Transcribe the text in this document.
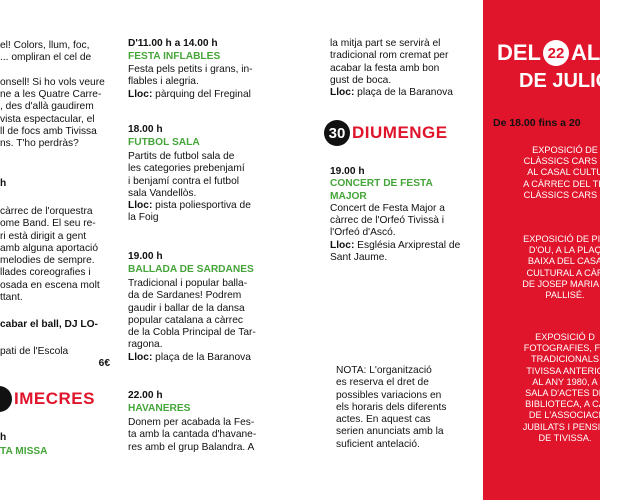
el! Colors, llum, foc,

... ompliran el cel de

onsell! Si ho vols veure

ne a les Quatre Carre-

, des d'allà gaudirem

vista espectacular, el

ll de focs amb Tivissa

ns. T'ho perdràs?

h

càrrec de l'orquestra

ome Band. El seu re-

ri està dirigit a gent

amb alguna aportació

melodies de sempre.

llades coreografies i

osada en escena molt

ttant.

cabar el ball, DJ LO-

pati de l'Escola

6€

IMECRES

h

TA MISSA

D'11.00 h a 14.00 h

FESTA INFLABLES

Festa pels petits i grans, in-

flables i alegria.

Lloc: pàrquing del Freginal

18.00 h

FUTBOL SALA

Partits de futbol sala de

les categories prebenjamí

i benjamí contra el futbol

sala Vandellòs.

Lloc: pista poliesportiva de

la Foig

19.00 h

BALLADA DE SARDANES

Tradicional i popular balla-

da de Sardanes! Podrem

gaudir i ballar de la dansa

popular catalana a càrrec

de la Cobla Principal de Tar-

ragona.

Lloc: plaça de la Baranova

22.00 h

HAVANERES

Donem per acabada la Fes-

ta amb la cantada d'havane-

res amb el grup Balandra. A

la mitja part se servirà el

tradicional rom cremat per

acabar la festa amb bon

gust de boca.

Lloc: plaça de la Baranova

30 DIUMENGE

19.00 h

CONCERT DE FESTA

MAJOR

Concert de Festa Major a

càrrec de l'Orfeó Tivissà i

l'Orfeó d'Ascó.

Lloc: Església Arxiprestal de

Sant Jaume.

NOTA: L'organització

es reserva el dret de

possibles variacions en

els horaris dels diferents

actes. En aquest cas

serien anunciats amb la

suficient antelació.

DEL 22 AL
DE JULIO
De 18.00 fins a 20

EXPOSICIÓ DE

CLÀSSICS CARS C

AL CASAL CULTU

A CÀRREC DEL TIV

CLÀSSICS CARS C

EXPOSICIÓ DE PIN

D'OU, A LA PLAÇ

BAIXA DEL CASA

CULTURAL A CÀR

DE JOSEP MARIA D

PALLISÉ.

EXPOSICIÓ D

FOTOGRAFIES, FE

TRADICIONALS

TIVISSA ANTERIO

AL ANY 1980, A

SALA D'ACTES DE

BIBLIOTECA, A CÀ

DE L'ASSOCIACI

JUBILATS I PENSIO

DE TIVISSA.
